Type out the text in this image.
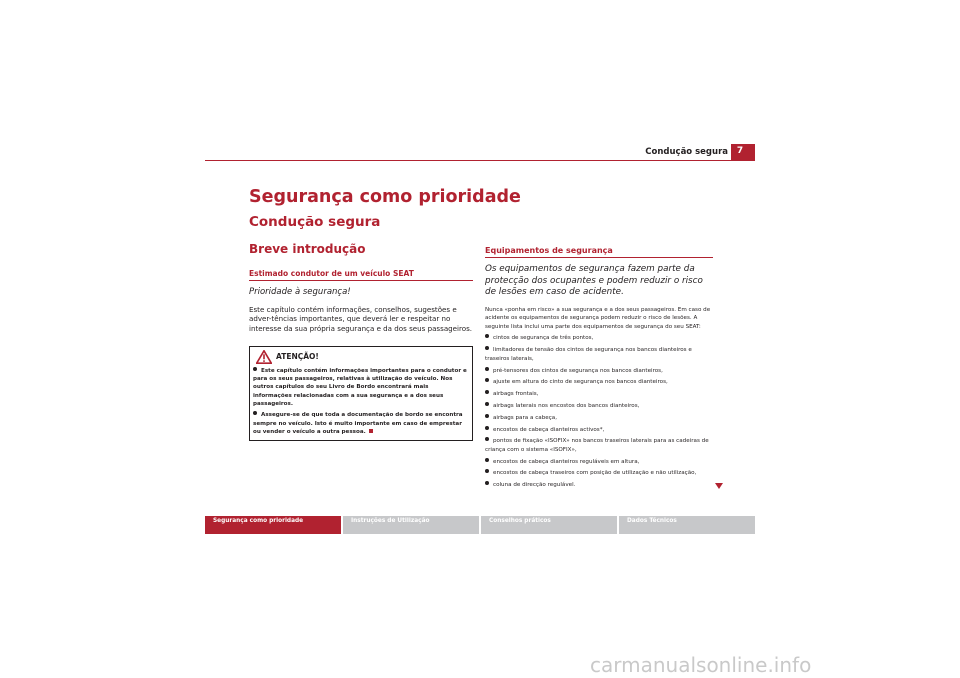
Condução segura 7
Segurança como prioridade
Condução segura
Breve introdução
Estimado condutor de um veículo SEAT
Prioridade à segurança!
Este capítulo contém informações, conselhos, sugestões e adver-tências importantes, que deverá ler e respeitar no interesse da sua própria segurança e da dos seus passageiros.
ATENÇÃO!
Este capítulo contém informações importantes para o condutor e para os seus passageiros, relativas à utilização do veículo. Nos outros capítulos do seu Livro de Bordo encontrará mais informações relacionadas com a sua segurança e a dos seus passageiros.
Assegure-se de que toda a documentação de bordo se encontra sempre no veículo. Isto é muito importante em caso de emprestar ou vender o veículo a outra pessoa.
Equipamentos de segurança
Os equipamentos de segurança fazem parte da protecção dos ocupantes e podem reduzir o risco de lesões em caso de acidente.
Nunca «ponha em risco» a sua segurança e a dos seus passageiros. Em caso de acidente os equipamentos de segurança podem reduzir o risco de lesões. A seguinte lista inclui uma parte dos equipamentos de segurança do seu SEAT:
cintos de segurança de três pontos,
limitadores de tensão dos cintos de segurança nos bancos dianteiros e traseiros laterais,
pré-tensores dos cintos de segurança nos bancos dianteiros,
ajuste em altura do cinto de segurança nos bancos dianteiros,
airbags frontais,
airbags laterais nos encostos dos bancos dianteiros,
airbags para a cabeça,
encostos de cabeça dianteiros activos*,
pontos de fixação «ISOFIX» nos bancos traseiros laterais para as cadeiras de criança com o sistema «ISOFIX»,
encostos de cabeça dianteiros reguláveis em altura,
encostos de cabeça traseiros com posição de utilização e não utilização,
coluna de direcção regulável.
Segurança como prioridade	Instruções de Utilização	Conselhos práticos	Dados Técnicos
carmanualsonline.info
